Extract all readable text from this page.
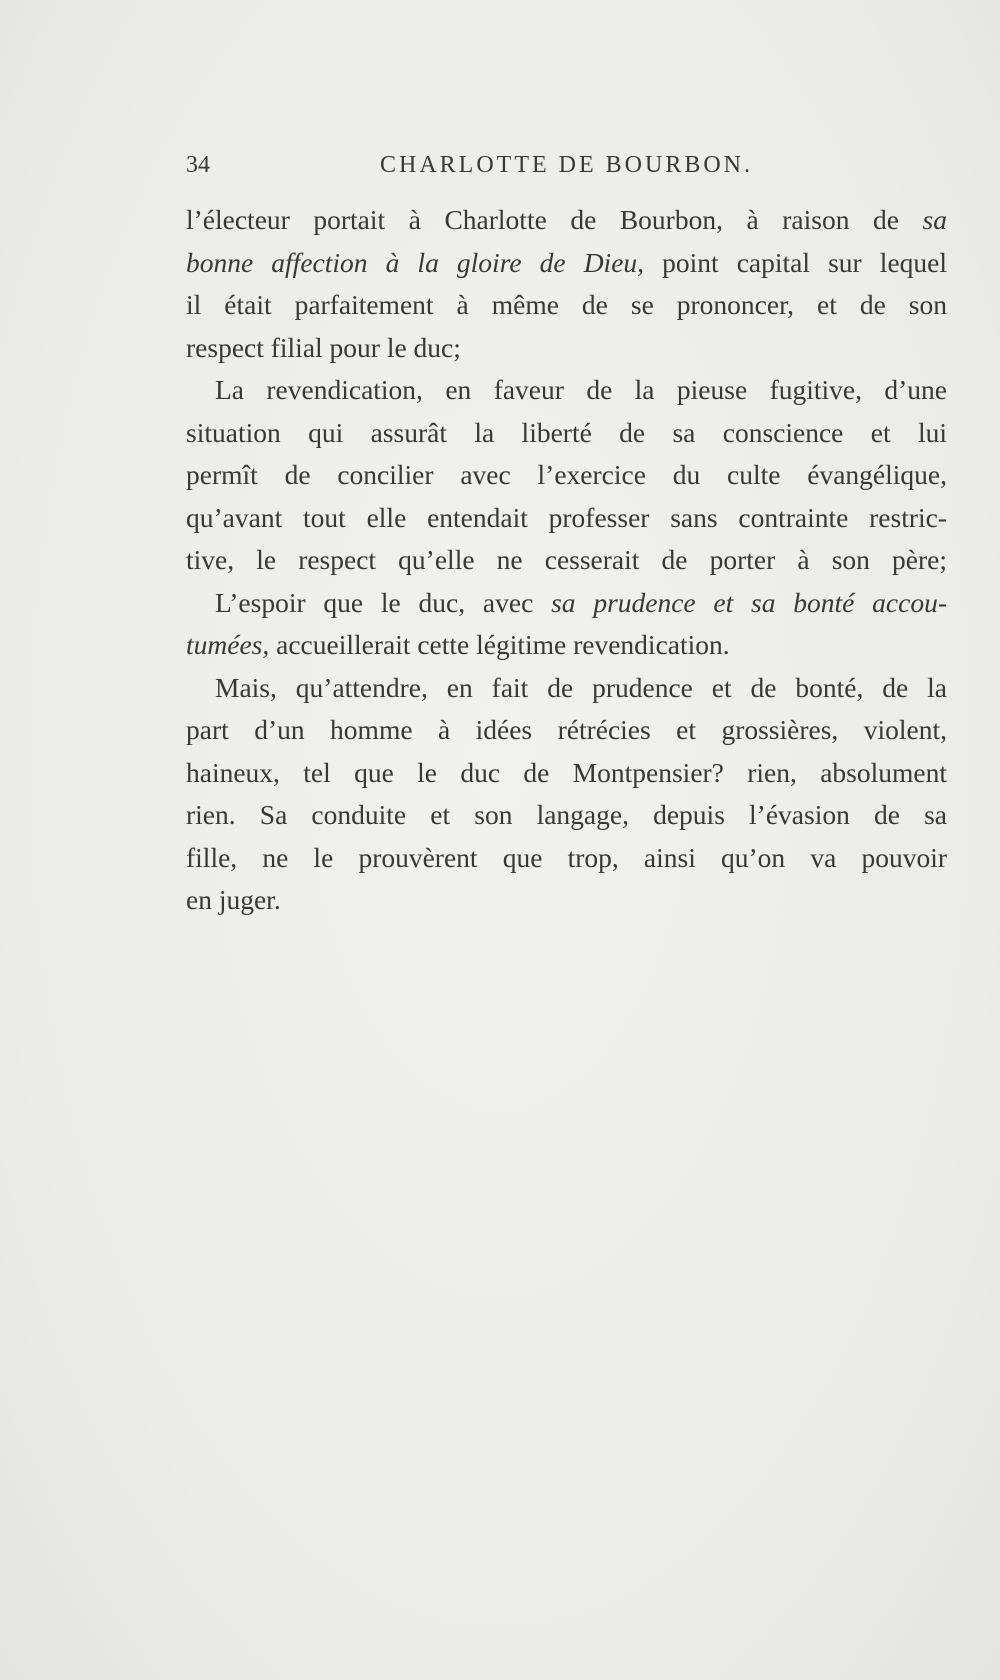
34	CHARLOTTE DE BOURBON.
l’électeur portait à Charlotte de Bourbon, à raison de sa
bonne affection à la gloire de Dieu, point capital sur lequel
il était parfaitement à même de se prononcer, et de son
respect filial pour le duc;
La revendication, en faveur de la pieuse fugitive, d’une
situation qui assurât la liberté de sa conscience et lui
permît de concilier avec l’exercice du culte évangélique,
qu’avant tout elle entendait professer sans contrainte restric-
tive, le respect qu’elle ne cesserait de porter à son père;
L’espoir que le duc, avec sa prudence et sa bonté accou-
tumées, accueillerait cette légitime revendication.
Mais, qu’attendre, en fait de prudence et de bonté, de la
part d’un homme à idées rétrécies et grossières, violent,
haineux, tel que le duc de Montpensier? rien, absolument
rien. Sa conduite et son langage, depuis l’évasion de sa
fille, ne le prouvèrent que trop, ainsi qu’on va pouvoir
en juger.
